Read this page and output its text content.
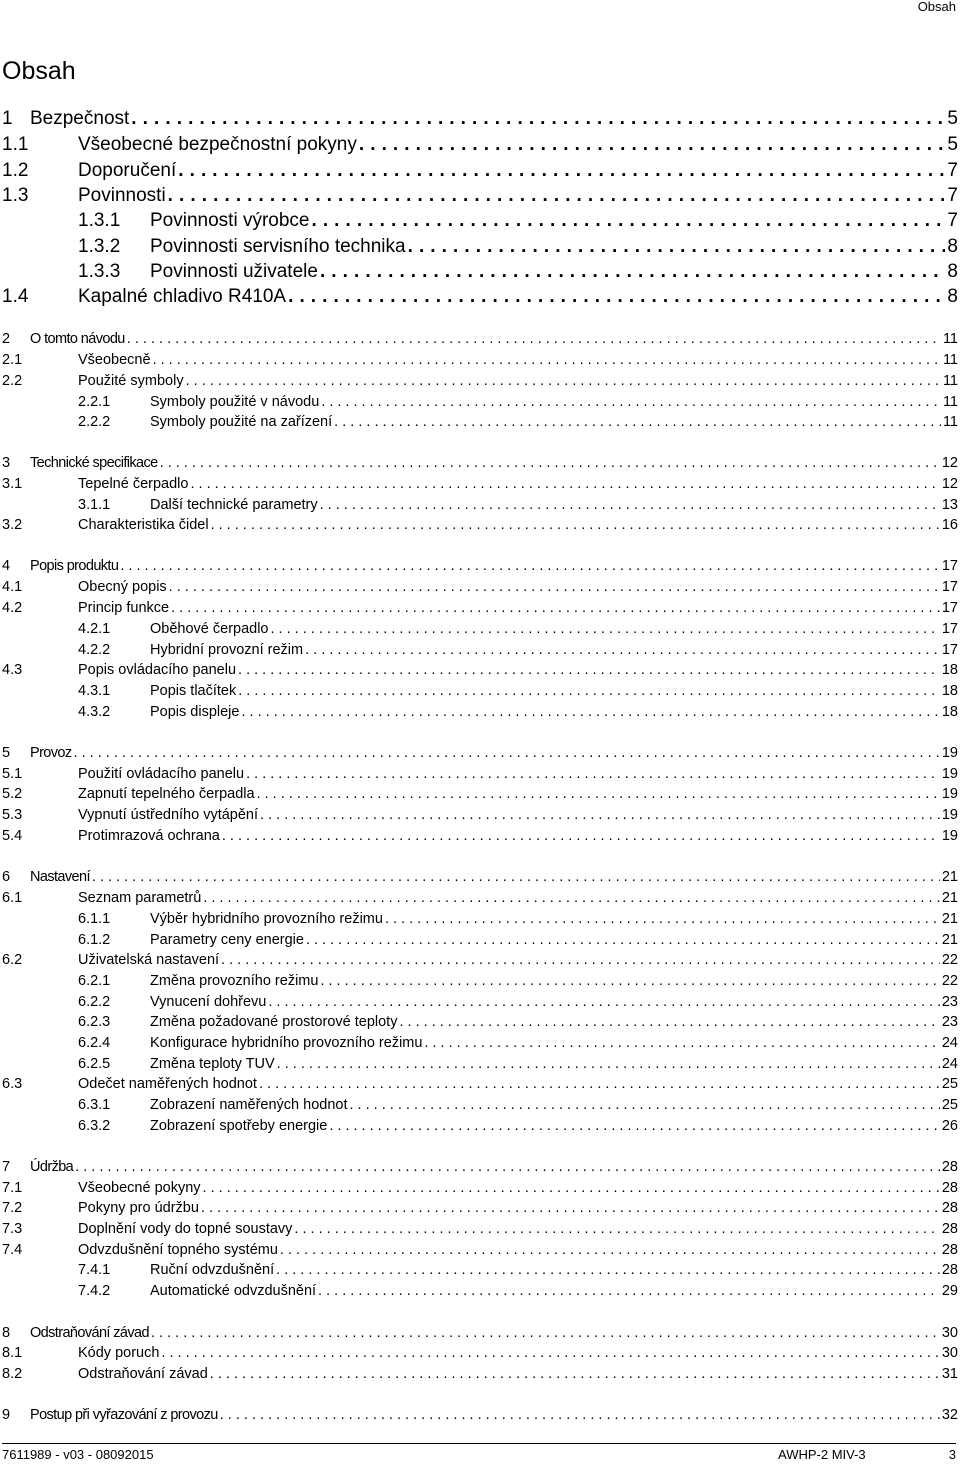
Obsah
Obsah
1 Bezpečnost . . .	5
1.1	Všeobecné bezpečnostní pokyny . . .	5
1.2	Doporučení . . .	7
1.3	Povinnosti . . .	7
1.3.1	Povinnosti výrobce . . .	7
1.3.2	Povinnosti servisního technika . . .	8
1.3.3	Povinnosti uživatele . . .	8
1.4	Kapalné chladivo R410A . . .	8
2	O tomto návodu . . .	11
2.1	Všeobecně . . .	11
2.2	Použité symboly . . .	11
2.2.1	Symboly použité v návodu . . .	11
2.2.2	Symboly použité na zařízení . . .	11
3	Technické specifikace . . .	12
3.1	Tepelné čerpadlo . . .	12
3.1.1	Další technické parametry . . .	13
3.2	Charakteristika čidel . . .	16
4	Popis produktu . . .	17
4.1	Obecný popis . . .	17
4.2	Princip funkce . . .	17
4.2.1	Oběhové čerpadlo . . .	17
4.2.2	Hybridní provozní režim . . .	17
4.3	Popis ovládacího panelu . . .	18
4.3.1	Popis tlačítek . . .	18
4.3.2	Popis displeje . . .	18
5	Provoz . . .	19
5.1	Použití ovládacího panelu . . .	19
5.2	Zapnutí tepelného čerpadla . . .	19
5.3	Vypnutí ústředního vytápění . . .	19
5.4	Protimrazová ochrana . . .	19
6	Nastavení . . .	21
6.1	Seznam parametrů . . .	21
6.1.1	Výběr hybridního provozního režimu . . .	21
6.1.2	Parametry ceny energie . . .	21
6.2	Uživatelská nastavení . . .	22
6.2.1	Změna provozního režimu . . .	22
6.2.2	Vynucení dohřevu . . .	23
6.2.3	Změna požadované prostorové teploty . . .	23
6.2.4	Konfigurace hybridního provozního režimu . . .	24
6.2.5	Změna teploty TUV . . .	24
6.3	Odečet naměřených hodnot . . .	25
6.3.1	Zobrazení naměřených hodnot . . .	25
6.3.2	Zobrazení spotřeby energie . . .	26
7	Údržba . . .	28
7.1	Všeobecné pokyny . . .	28
7.2	Pokyny pro údržbu . . .	28
7.3	Doplnění vody do topné soustavy . . .	28
7.4	Odvzdušnění topného systému . . .	28
7.4.1	Ruční odvzdušnění . . .	28
7.4.2	Automatické odvzdušnění . . .	29
8	Odstraňování závad . . .	30
8.1	Kódy poruch . . .	30
8.2	Odstraňování závad . . .	31
9	Postup při vyřazování z provozu . . .	32
7611989 - v03 - 08092015	AWHP-2 MIV-3	3
